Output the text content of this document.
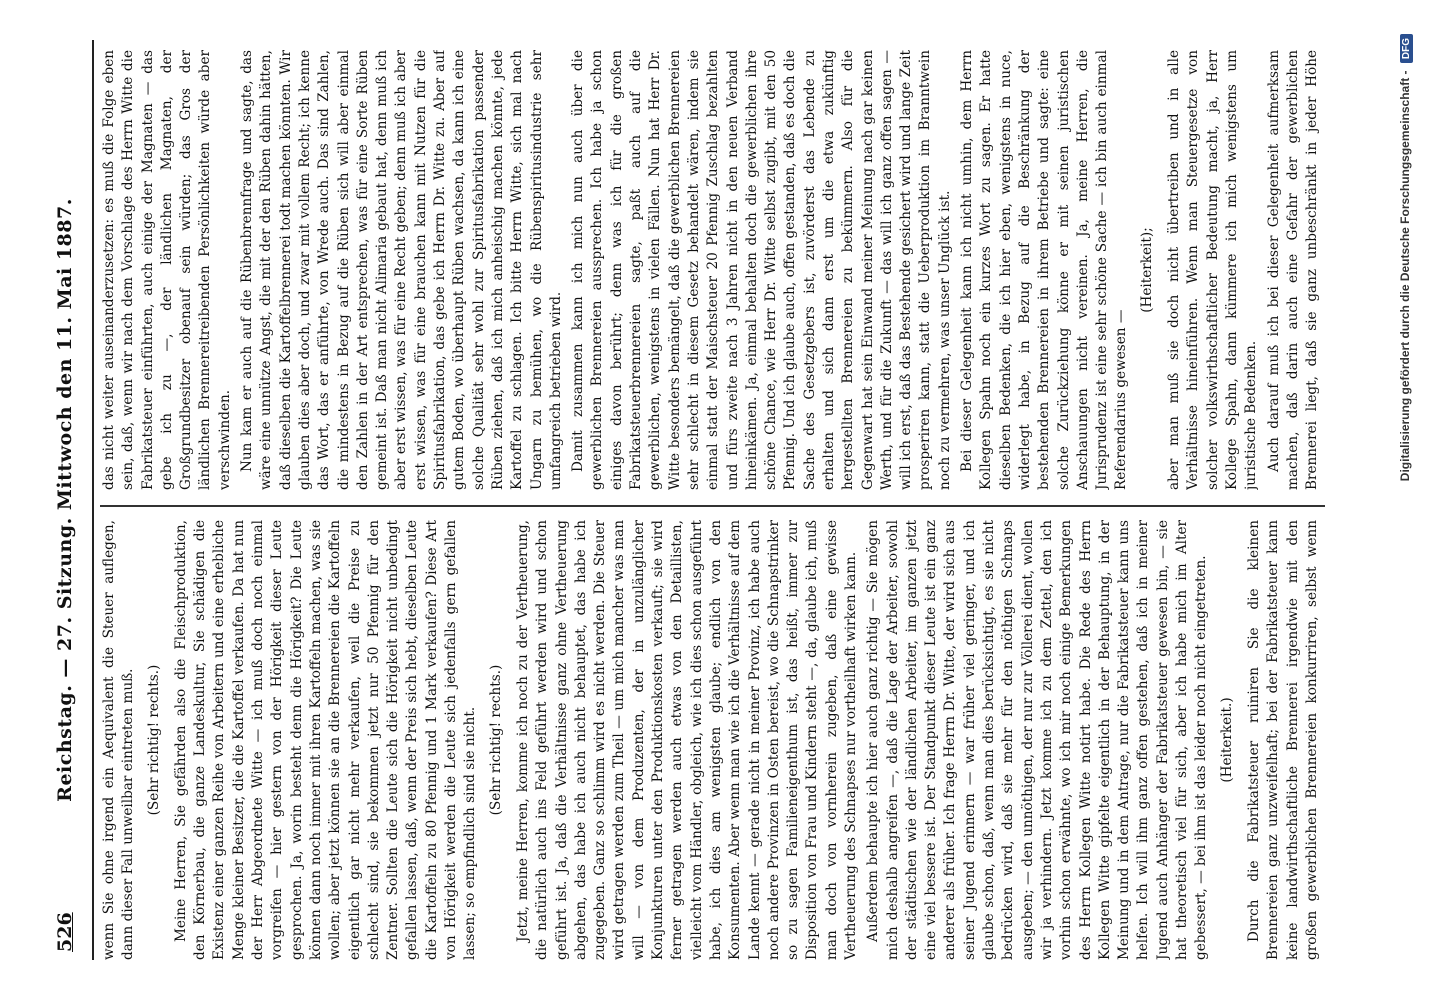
526
Reichstag. — 27. Sitzung. Mittwoch den 11. Mai 1887. wenn Sie ohne irgend ein Aequivalent die Steuer auflegen, dann dieser Fall unweilbar eintreten muß. (Sehr richtig! rechts.) Meine Herren, Sie gefährden also die Fleischproduktion, den Körnerbau, die ganze Landeskultur, Sie schädigen die Existenz einer ganzen Reihe von Arbeitern und eine erhebliche Menge kleiner Besitzer, die die Kartoffel verkaufen. Da hat nun der Herr Abgeordnete Witte — ich muß doch noch einmal vorgreifen — hier gestern von der Hörigkeit dieser Leute gesprochen. Ja, worin besteht denn die Hörigkeit? Die Leute können dann noch immer mit ihren Kartoffeln machen, was sie wollen; aber jetzt können sie an die Brennereien die Kartoffeln eigentlich gar nicht mehr verkaufen, weil die Preise zu schlecht sind, sie bekommen jetzt nur 50 Pfennig für den Zentner. Sollten die Leute sich die Hörigkeit nicht unbedingt gefallen lassen, daß, wenn der Preis sich hebt, dieselben Leute die Kartoffeln zu 80 Pfennig und 1 Mark verkaufen? Diese Art von Hörigkeit werden die Leute sich jedenfalls gern gefallen lassen; so empfindlich sind sie nicht. (Sehr richtig! rechts.) Jetzt, meine Herren, komme ich noch zu der Vertheuerung, die natürlich auch ins Feld geführt werden wird und schon geführt ist. Ja, daß die Verhältnisse ganz ohne Vertheuerung abgehen, das habe ich auch nicht behauptet, das habe ich zugegeben. Ganz so schlimm wird es nicht werden. Die Steuer wird getragen werden zum Theil — um mich mancher was man will — von dem Produzenten, der in unzulänglicher Konjunkturen unter den Produktionskosten verkauft; sie wird ferner getragen werden auch etwas von den Detaillisten, vielleicht vom Händler, obgleich, wie ich dies schon ausgeführt habe, ich dies am wenigsten glaube; endlich von den Konsumenten. Aber wenn man wie ich die Verhältnisse auf dem Lande kennt — gerade nicht in meiner Provinz, ich habe auch noch andere Provinzen in Osten bereist, wo die Schnapstrinker so zu sagen Familieneigenthum ist, das heißt, immer zur Disposition von Frau und Kindern steht —, da, glaube ich, muß man doch von vornherein zugeben, daß eine gewisse Vertheuerung des Schnapses nur vortheilhaft wirken kann. Außerdem behaupte ich hier auch ganz richtig — Sie mögen mich deshalb angreifen —, daß die Lage der Arbeiter, sowohl der städtischen wie der ländlichen Arbeiter, im ganzen jetzt eine viel bessere ist. Der Standpunkt dieser Leute ist ein ganz anderer als früher. Ich frage Herrn Dr. Witte, der wird sich aus seiner Jugend erinnern — war früher viel geringer, und ich glaube schon, daß, wenn man dies berücksichtigt, es sie nicht bedrücken wird, daß sie mehr für den nöthigen Schnaps ausgeben; — den unnöthigen, der nur zur Völlerei dient, wollen wir ja verhindern. Jetzt komme ich zu dem Zettel, den ich vorhin schon erwähnte, wo ich mir noch einige Bemerkungen des Herrn Kollegen Witte notirt habe. Die Rede des Herrn Kollegen Witte gipfelte eigentlich in der Behauptung, in der Meinung und in dem Antrage, nur die Fabrikatsteuer kann uns helfen. Ich will ihm ganz offen gestehen, daß ich in meiner Jugend auch Anhänger der Fabrikatsteuer gewesen bin, — sie hat theoretisch viel für sich, aber ich habe mich im Alter gebessert, — bei ihm ist das leider noch nicht eingetreten. (Heiterkeit.)

Durch die Fabrikatsteuer ruiniren Sie die kleinen Brennereien ganz unzweifelhaft; bei der Fabrikatsteuer kann keine landwirthschaftliche Brennerei irgendwie mit den großen gewerblichen Brennereien konkurriren, selbst wenn

das nicht weiter auseinanderzusetzen: es muß die Folge eben sein, daß, wenn wir nach dem Vorschlage des Herrn Witte die Fabrikatsteuer einführten, auch einige der Magnaten — das gebe ich zu —, der ländlichen Magnaten, der Großgrundbesitzer obenauf sein würden; das Gros der ländlichen Brennereitreibenden Persönlichkeiten würde aber verschwinden. Nun kam er auch auf die Rübenbrennfrage und sagte, das wäre eine unnütze Angst, die mit der den Rüben dahin hätten, daß dieselben die Kartoffelbrennerei todt machen könnten. Wir glauben dies aber doch, und zwar mit vollem Recht; ich kenne das Wort, das er anführte, von Wrede auch. Das sind Zahlen, die mindestens in Bezug auf die Rüben sich will aber einmal den Zahlen in der Art entsprechen, was für eine Sorte Rüben gemeint ist. Daß man nicht Alimaria gebaut hat, denn muß ich aber erst wissen, was für eine Recht geben; denn muß ich aber erst wissen, was für eine brauchen kann mit Nutzen für die Spiritusfabrikation, das gebe ich Herrn Dr. Witte zu. Aber auf gutem Boden, wo überhaupt Rüben wachsen, da kann ich eine solche Qualität sehr wohl zur Spiritusfabrikation passender Rüben ziehen, daß ich mich anheischig machen könnte, jede Kartoffel zu schlagen. Ich bitte Herrn Witte, sich mal nach Ungarn zu bemühen, wo die Rübenspiritusindustrie sehr umfangreich betrieben wird. Damit zusammen kann ich mich nun auch über die gewerblichen Brennereien aussprechen. Ich habe ja schon einiges davon berührt; denn was ich für die großen Fabrikatsteuerbrennereien sagte, paßt auch auf die gewerblichen, wenigstens in vielen Fällen. Nun hat Herr Dr. Witte besonders bemängelt, daß die gewerblichen Brennereien sehr schlecht in diesem Gesetz behandelt wären, indem sie einmal statt der Maischsteuer 20 Pfennig Zuschlag bezahlten und fürs zweite nach 3 Jahren nicht in den neuen Verband hineinkämen. Ja, einmal behalten doch die gewerblichen ihre schöne Chance, wie Herr Dr. Witte selbst zugibt, mit den 50 Pfennig. Und ich glaube auch, offen gestanden, daß es doch die Sache des Gesetzgebers ist, zuvörderst das Lebende zu erhalten und sich dann erst um die etwa zukünftig hergestellten Brennereien zu bekümmern. Also für die Gegenwart hat sein Einwand meiner Meinung nach gar keinen Werth, und für die Zukunft — das will ich ganz offen sagen — will ich erst, daß das Bestehende gesichert wird und lange Zeit prosperiren kann, statt die Ueberproduktion im Branntwein noch zu vermehren, was unser Unglück ist. Bei dieser Gelegenheit kann ich nicht umhin, dem Herrn Kollegen Spahn noch ein kurzes Wort zu sagen. Er hatte dieselben Bedenken, die ich hier eben, wenigstens in nuce, widerlegt habe, in Bezug auf die Beschränkung der bestehenden Brennereien in ihrem Betriebe und sagte: eine solche Zurückziehung könne er mit seinen juristischen Anschauungen nicht vereinen. Ja, meine Herren, die Jurisprudenz ist eine sehr schöne Sache — ich bin auch einmal Referendarius gewesen —

(Heiterkeit); aber man muß sie doch nicht übertreiben und in alle Verhältnisse hineinführen. Wenn man Steuergesetze von solcher volkswirthschaftlicher Bedeutung macht, ja, Herr Kollege Spahn, dann kümmere ich mich wenigstens um juristische Bedenken. Auch darauf muß ich bei dieser Gelegenheit aufmerksam machen, daß darin auch eine Gefahr der gewerblichen Brennerei liegt, daß sie ganz unbeschränkt in jeder Höhe

Digitalisierung gefördert durch die Deutsche Forschungsgemeinschaft - DFG
